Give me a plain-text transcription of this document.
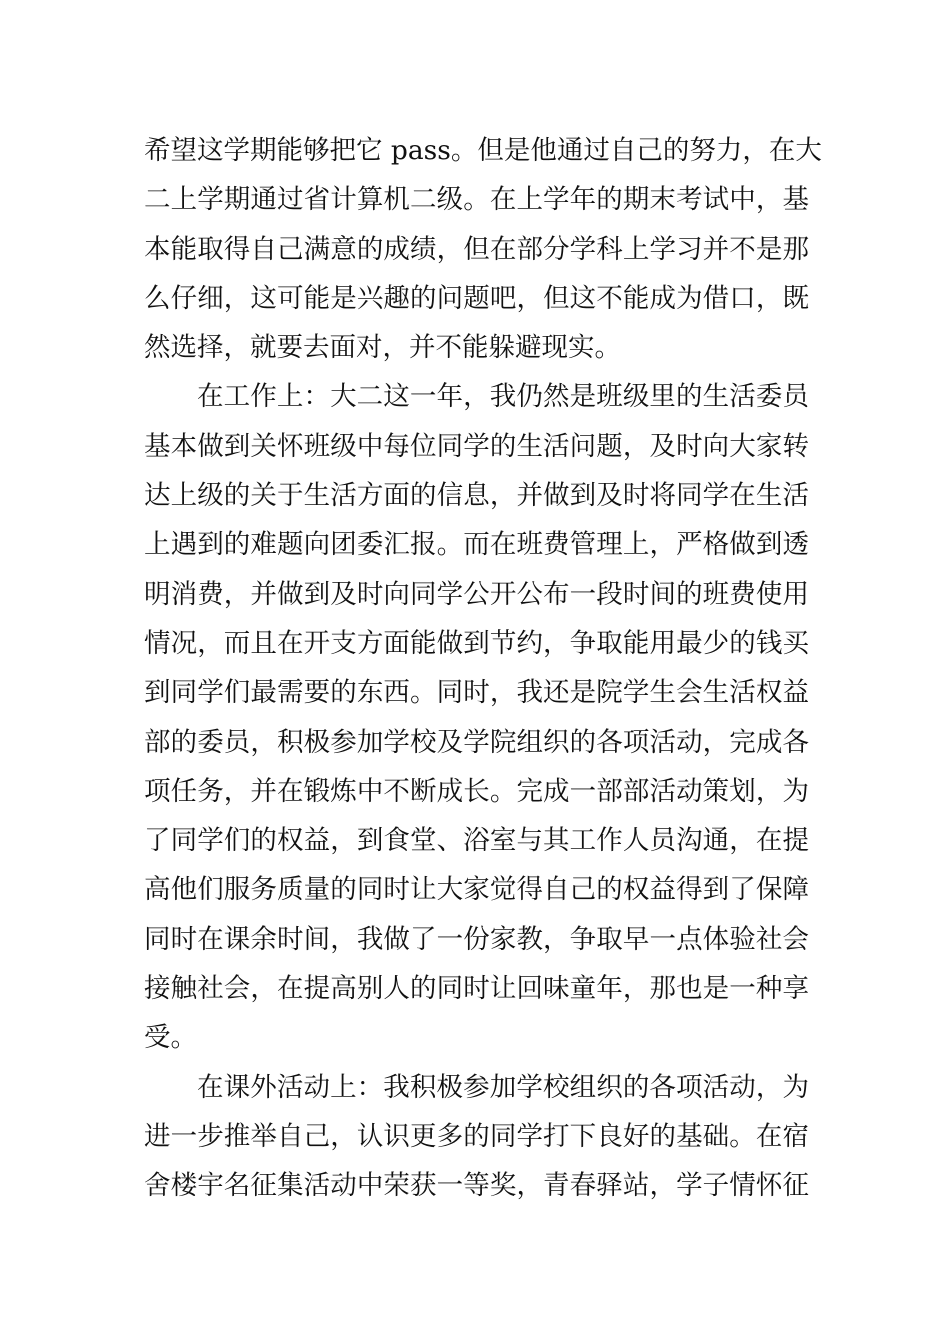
希望这学期能够把它 pass。但是他通过自己的努力，在大
二上学期通过省计算机二级。在上学年的期末考试中，基
本能取得自己满意的成绩，但在部分学科上学习并不是那
么仔细，这可能是兴趣的问题吧，但这不能成为借口，既
然选择，就要去面对，并不能躲避现实。
在工作上：大二这一年，我仍然是班级里的生活委员
基本做到关怀班级中每位同学的生活问题，及时向大家转
达上级的关于生活方面的信息，并做到及时将同学在生活
上遇到的难题向团委汇报。而在班费管理上，严格做到透
明消费，并做到及时向同学公开公布一段时间的班费使用
情况，而且在开支方面能做到节约，争取能用最少的钱买
到同学们最需要的东西。同时，我还是院学生会生活权益
部的委员，积极参加学校及学院组织的各项活动，完成各
项任务，并在锻炼中不断成长。完成一部部活动策划，为
了同学们的权益，到食堂、浴室与其工作人员沟通，在提
高他们服务质量的同时让大家觉得自己的权益得到了保障
同时在课余时间，我做了一份家教，争取早一点体验社会
接触社会，在提高别人的同时让回味童年，那也是一种享
受。
在课外活动上：我积极参加学校组织的各项活动，为
进一步推举自己，认识更多的同学打下良好的基础。在宿
舍楼宇名征集活动中荣获一等奖，青春驿站，学子情怀征
